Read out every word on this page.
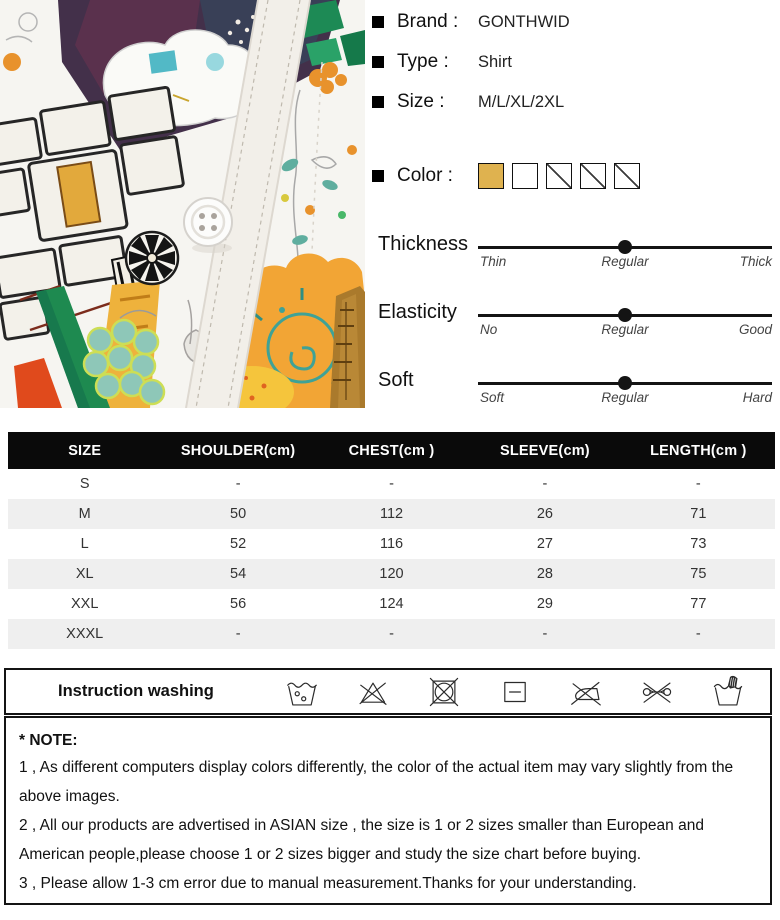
Brand :	GONTHWID
Type :	Shirt
Size :	M/L/XL/2XL
Color :
Thickness
Thin	Regular	Thick
Elasticity
No	Regular	Good
Soft
Soft	Regular	Hard
SIZE	SHOULDER(cm)	CHEST(cm )	SLEEVE(cm)	LENGTH(cm )
S	-	-	-	-
M	50	112	26	71
L	52	116	27	73
XL	54	120	28	75
XXL	56	124	29	77
XXXL	-	-	-	-
Instruction washing
* NOTE:
1 , As different computers display colors differently, the color of the actual item may vary slightly from the above images.
2 , All our products are advertised in ASIAN size , the size is 1 or 2 sizes smaller than European and American people,please choose 1 or 2 sizes bigger and study the size chart before buying.
3 , Please allow 1-3 cm error due to manual measurement.Thanks for your understanding.
